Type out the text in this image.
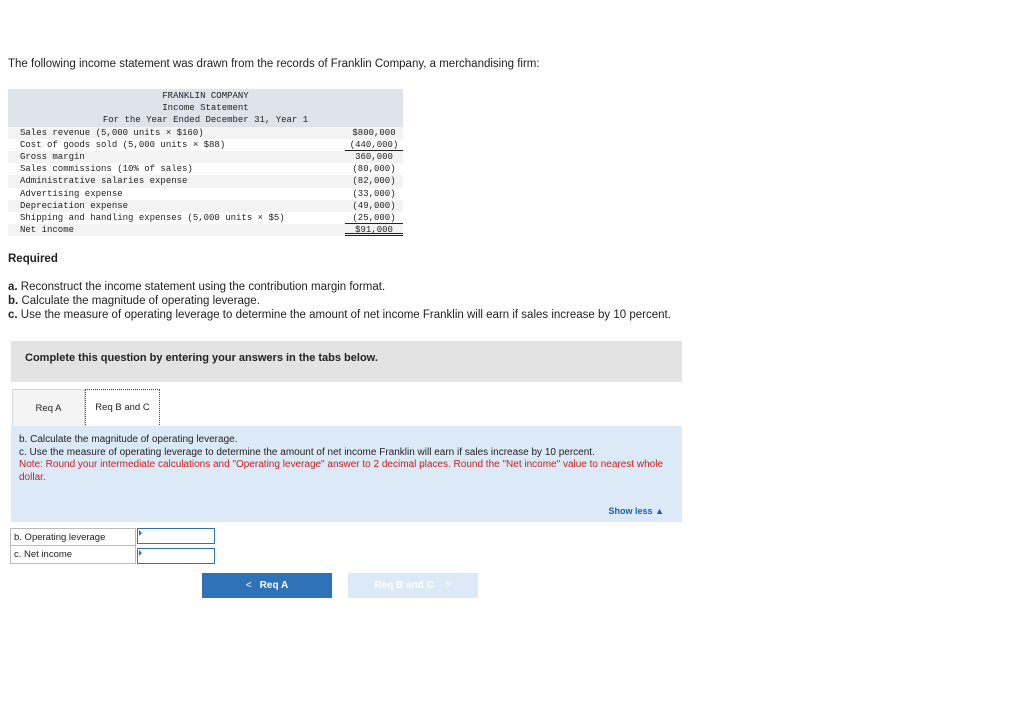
The following income statement was drawn from the records of Franklin Company, a merchandising firm:
FRANKLIN COMPANY
Income Statement
For the Year Ended December 31, Year 1
Sales revenue (5,000 units × $160)	$800,000
Cost of goods sold (5,000 units × $88)	(440,000)
Gross margin	360,000
Sales commissions (10% of sales)	(80,000)
Administrative salaries expense	(82,000)
Advertising expense	(33,000)
Depreciation expense	(49,000)
Shipping and handling expenses (5,000 units × $5)	(25,000)
Net income	$91,000
Required
a. Reconstruct the income statement using the contribution margin format.
b. Calculate the magnitude of operating leverage.
c. Use the measure of operating leverage to determine the amount of net income Franklin will earn if sales increase by 10 percent.
Complete this question by entering your answers in the tabs below.
Req A	Req B and C
b. Calculate the magnitude of operating leverage.
c. Use the measure of operating leverage to determine the amount of net income Franklin will earn if sales increase by 10 percent.
Note: Round your intermediate calculations and "Operating leverage" answer to 2 decimal places. Round the "Net income" value to nearest whole dollar.
Show less ▲
b. Operating leverage
c. Net income
< Req A	Req B and C >
